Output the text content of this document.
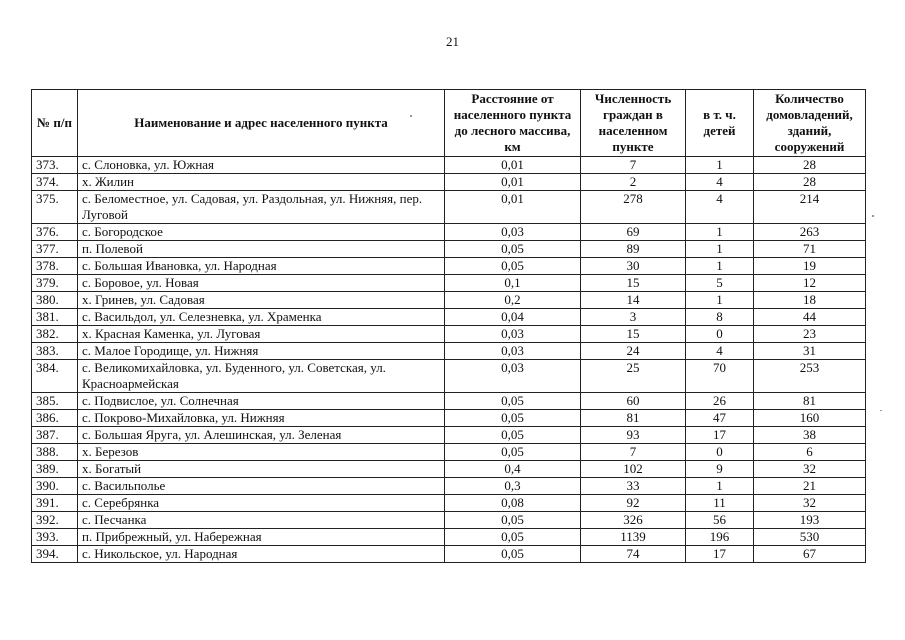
21
№ п/п	Наименование и адрес населенного пункта	Расстояние от населенного пункта до лесного массива, км	Численность граждан в населенном пункте	в т. ч. детей	Количество домовладений, зданий, сооружений
373.	с. Слоновка, ул. Южная	0,01	7	1	28
374.	х. Жилин	0,01	2	4	28
375.	с. Беломестное, ул. Садовая, ул. Раздольная, ул. Нижняя, пер. Луговой	0,01	278	4	214
376.	с. Богородское	0,03	69	1	263
377.	п. Полевой	0,05	89	1	71
378.	с. Большая Ивановка, ул. Народная	0,05	30	1	19
379.	с. Боровое, ул. Новая	0,1	15	5	12
380.	х. Гринев, ул. Садовая	0,2	14	1	18
381.	с. Васильдол, ул. Селезневка, ул. Храменка	0,04	3	8	44
382.	х. Красная Каменка, ул. Луговая	0,03	15	0	23
383.	с. Малое Городище, ул. Нижняя	0,03	24	4	31
384.	с. Великомихайловка, ул. Буденного, ул. Советская, ул. Красноармейская	0,03	25	70	253
385.	с. Подвислое, ул. Солнечная	0,05	60	26	81
386.	с. Покрово-Михайловка, ул. Нижняя	0,05	81	47	160
387.	с. Большая Яруга, ул. Алешинская, ул. Зеленая	0,05	93	17	38
388.	х. Березов	0,05	7	0	6
389.	х. Богатый	0,4	102	9	32
390.	с. Васильполье	0,3	33	1	21
391.	с. Серебрянка	0,08	92	11	32
392.	с. Песчанка	0,05	326	56	193
393.	п. Прибрежный, ул. Набережная	0,05	1139	196	530
394.	с. Никольское, ул. Народная	0,05	74	17	67
